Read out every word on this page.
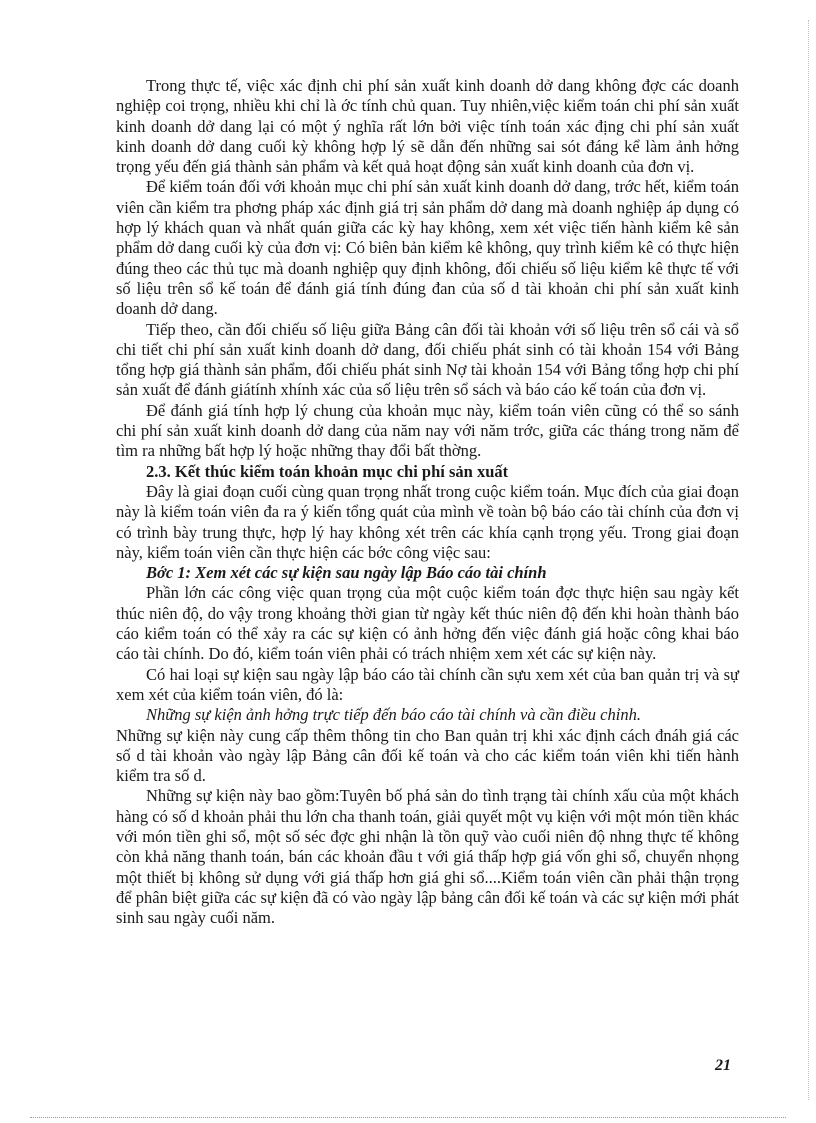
Trong thực tế, việc xác định chi phí sản xuất kinh doanh dở dang không đợc các doanh nghiệp coi trọng, nhiều khi chỉ là ớc tính chủ quan. Tuy nhiên,việc kiểm toán chi phí sản xuất kinh doanh dở dang lại có một ý nghĩa rất lớn bởi việc tính toán xác địng chi phí sản xuất kinh doanh dở dang cuối kỳ không hợp lý sẽ dẫn đến những sai sót đáng kể làm ảnh hởng trọng yếu đến giá thành sản phẩm và kết quả hoạt động sản xuất kinh doanh của đơn vị.

Để kiểm toán đối với khoản mục chi phí sản xuất kinh doanh dở dang, trớc hết, kiểm toán viên cần kiểm tra phơng pháp xác định giá trị sản phẩm dở dang mà doanh nghiệp áp dụng có hợp lý khách quan và nhất quán giữa các kỳ hay không, xem xét việc tiến hành kiểm kê sản phẩm dở dang cuối kỳ của đơn vị: Có biên bản kiểm kê không, quy trình kiểm kê có thực hiện đúng theo các thủ tục mà doanh nghiệp quy định không, đối chiếu số liệu kiểm kê thực tế với số liệu trên sổ kế toán để đánh giá tính đúng đan của số d tài khoản chi phí sản xuất kinh doanh dở dang.

Tiếp theo, cần đối chiếu số liệu giữa Bảng cân đối tài khoản với số liệu trên sổ cái và sổ chi tiết chi phí sản xuất kinh doanh dở dang, đối chiếu phát sinh có tài khoản 154 với Bảng tổng hợp giá thành sản phẩm, đối chiếu phát sinh Nợ tài khoản 154 với Bảng tổng hợp chi phí sản xuất để đánh giátính xhính xác của số liệu trên sổ sách và báo cáo kế toán của đơn vị.

Để đánh giá tính hợp lý chung của khoản mục này, kiểm toán viên cũng có thể so sánh chi phí sản xuất kinh doanh dở dang của năm nay với năm trớc, giữa các tháng trong năm để tìm ra những bất hợp lý hoặc những thay đổi bất thờng.

2.3. Kết thúc kiểm toán khoản mục chi phí sản xuất

Đây là giai đoạn cuối cùng quan trọng nhất trong cuộc kiểm toán. Mục đích của giai đoạn này là kiểm toán viên đa ra ý kiến tổng quát của mình về toàn bộ báo cáo tài chính của đơn vị có trình bày trung thực, hợp lý hay không xét trên các khía cạnh trọng yếu. Trong giai đoạn này, kiểm toán viên cần thực hiện các bớc công việc sau:

Bớc 1: Xem xét các sự kiện sau ngày lập Báo cáo tài chính

Phần lớn các công việc quan trọng của một cuộc kiểm toán đợc thực hiện sau ngày kết thúc niên độ, do vậy trong khoảng thời gian từ ngày kết thúc niên độ đến khi hoàn thành báo cáo kiểm toán có thể xảy ra các sự kiện có ảnh hởng đến việc đánh giá hoặc công khai báo cáo tài chính. Do đó, kiểm toán viên phải có trách nhiệm xem xét các sự kiện này.

Có hai loại sự kiện sau ngày lập báo cáo tài chính cần sựu xem xét của ban quản trị và sự xem xét của kiểm toán viên, đó là:

Những sự kiện ảnh hởng trực tiếp đến báo cáo tài chính và cần điều chỉnh.

Những sự kiện này cung cấp thêm thông tin cho Ban quản trị khi xác định cách đnáh giá các số d tài khoản vào ngày lập Bảng cân đối kế toán và cho các kiểm toán viên khi tiến hành kiểm tra số d.

Những sự kiện này bao gồm:Tuyên bố phá sản do tình trạng tài chính xấu của một khách hàng có số d khoản phải thu lớn cha thanh toán, giải quyết một vụ kiện với một món tiền khác với món tiền ghi sổ, một số séc đợc ghi nhận là tồn quỹ vào cuối niên độ nhng thực tế không còn khả năng thanh toán, bán các khoản đầu t với giá thấp hợp giá vốn ghi sổ, chuyển nhọng một thiết bị không sử dụng với giá thấp hơn giá ghi sổ....Kiểm toán viên cần phải thận trọng để phân biệt giữa các sự kiện đã có vào ngày lập bảng cân đối kế toán và các sự kiện mới phát sinh sau ngày cuối năm.

21
